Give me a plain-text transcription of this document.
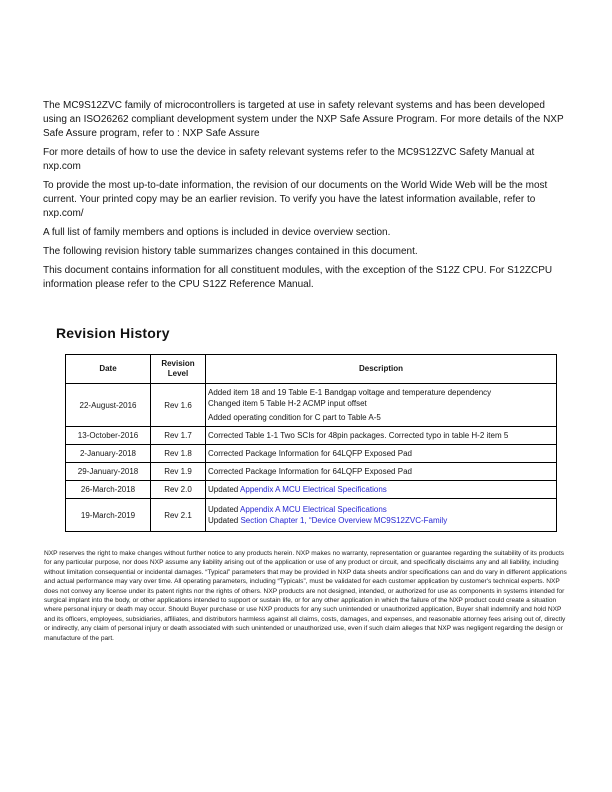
The MC9S12ZVC family of microcontrollers is targeted at use in safety relevant systems and has been developed using an ISO26262 compliant development system under the NXP Safe Assure Program. For more details of the NXP Safe Assure program, refer to : NXP Safe Assure

For more details of how to use the device in safety relevant systems refer to the MC9S12ZVC Safety Manual at nxp.com

To provide the most up-to-date information, the revision of our documents on the World Wide Web will be the most current. Your printed copy may be an earlier revision. To verify you have the latest information available, refer to nxp.com/

A full list of family members and options is included in device overview section.

The following revision history table summarizes changes contained in this document.

This document contains information for all constituent modules, with the exception of the S12Z CPU. For S12ZCPU information please refer to the CPU S12Z Reference Manual.

Revision History
Date	Revision Level	Description
22-August-2016	Rev 1.6	Added item 18 and 19 Table E-1 Bandgap voltage and temperature dependency
Changed item 5 Table H-2 ACMP input offset
Added operating condition for C part to Table A-5

13-October-2016	Rev 1.7	Corrected Table 1-1 Two SCIs for 48pin packages. Corrected typo in table H-2 item 5

2-January-2018	Rev 1.8	Corrected Package Information for 64LQFP Exposed Pad

29-January-2018	Rev 1.9	Corrected Package Information for 64LQFP Exposed Pad

26-March-2018	Rev 2.0	Updated Appendix A MCU Electrical Specifications

19-March-2019	Rev 2.1	Updated Appendix A MCU Electrical Specifications
Updated Section Chapter 1, “Device Overview MC9S12ZVC-Family

NXP reserves the right to make changes without further notice to any products herein. NXP makes no warranty, representation or guarantee regarding the suitability of its products for any particular purpose, nor does NXP assume any liability arising out of the application or use of any product or circuit, and specifically disclaims any and all liability, including without limitation consequential or incidental damages. “Typical” parameters that may be provided in NXP data sheets and/or specifications can and do vary in different applications and actual performance may vary over time. All operating parameters, including “Typicals”, must be validated for each customer application by customer's technical experts. NXP does not convey any license under its patent rights nor the rights of others. NXP products are not designed, intended, or authorized for use as components in systems intended for surgical implant into the body, or other applications intended to support or sustain life, or for any other application in which the failure of the NXP product could create a situation where personal injury or death may occur. Should Buyer purchase or use NXP products for any such unintended or unauthorized application, Buyer shall indemnify and hold NXP and its officers, employees, subsidiaries, affiliates, and distributors harmless against all claims, costs, damages, and expenses, and reasonable attorney fees arising out of, directly or indirectly, any claim of personal injury or death associated with such unintended or unauthorized use, even if such claim alleges that NXP was negligent regarding the design or manufacture of the part.
